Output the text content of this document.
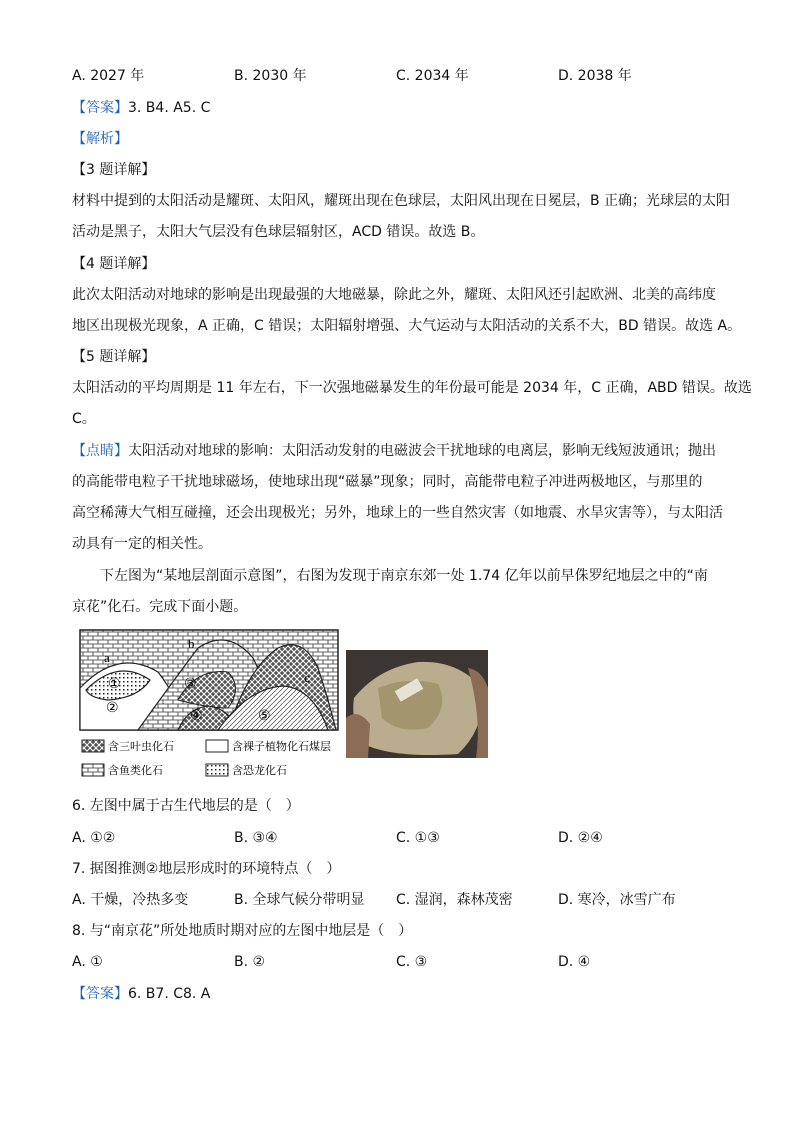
A. 2027 年	B. 2030 年	C. 2034 年	D. 2038 年
【答案】3. B4. A5. C
【解析】
【3 题详解】
材料中提到的太阳活动是耀斑、太阳风，耀斑出现在色球层，太阳风出现在日冕层，B 正确；光球层的太阳
活动是黑子，太阳大气层没有色球层辐射区，ACD 错误。故选 B。
【4 题详解】
此次太阳活动对地球的影响是出现最强的大地磁暴，除此之外，耀斑、太阳风还引起欧洲、北美的高纬度
地区出现极光现象，A 正确，C 错误；太阳辐射增强、大气运动与太阳活动的关系不大，BD 错误。故选 A。
【5 题详解】
太阳活动的平均周期是 11 年左右，下一次强地磁暴发生的年份最可能是 2034 年，C 正确，ABD 错误。故选
C。
【点睛】太阳活动对地球的影响：太阳活动发射的电磁波会干扰地球的电离层，影响无线短波通讯；抛出
的高能带电粒子干扰地球磁场，使地球出现“磁暴”现象；同时，高能带电粒子冲进两极地区，与那里的
高空稀薄大气相互碰撞，还会出现极光；另外，地球上的一些自然灾害（如地震、水旱灾害等），与太阳活
动具有一定的相关性。
下左图为“某地层剖面示意图”，右图为发现于南京东郊一处 1.74 亿年以前早侏罗纪地层之中的“南
京花”化石。完成下面小题。
a
b
c
①
②
③
④	⑤
含三叶虫化石	含裸子植物化石煤层
含鱼类化石	含恐龙化石
6. 左图中属于古生代地层的是（　）
A. ①②	B. ③④	C. ①③	D. ②④
7. 据图推测②地层形成时的环境特点（　）
A. 干燥，冷热多变	B. 全球气候分带明显 C. 湿润，森林茂密	D. 寒冷，冰雪广布
8. 与“南京花”所处地质时期对应的左图中地层是（　）
A. ①	B. ②	C. ③	D. ④
【答案】6. B7. C8. A
